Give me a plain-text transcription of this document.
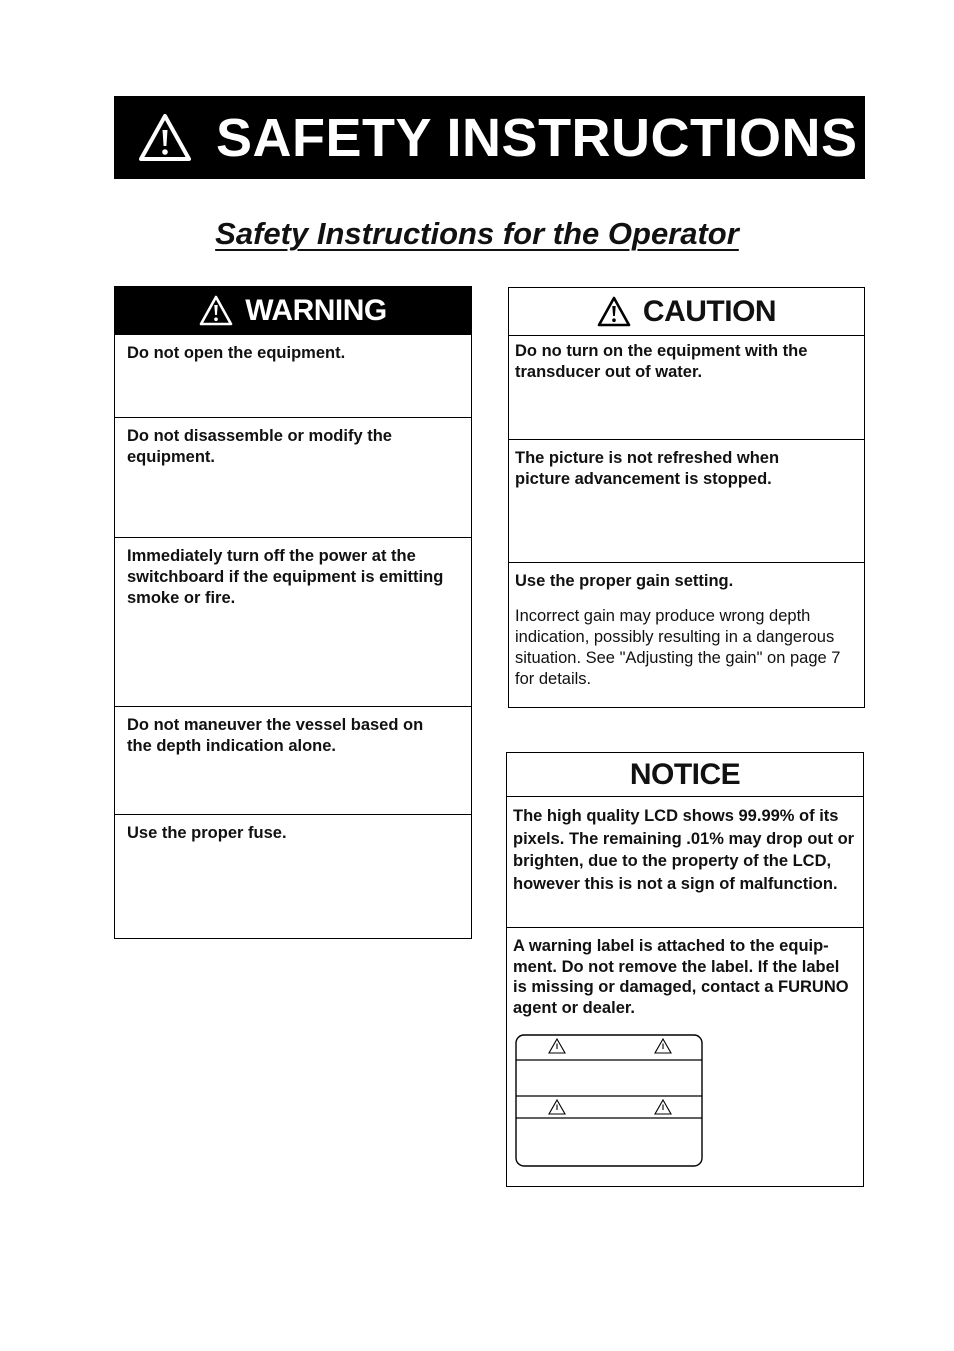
SAFETY INSTRUCTIONS
Safety Instructions for the Operator
WARNING
Do not open the equipment.
Do not disassemble or modify the equipment.
Immediately turn off the power at the switchboard if the equipment is emitting smoke or fire.
Do not maneuver the vessel based on the depth indication alone.
Use the proper fuse.
CAUTION
Do no turn on the equipment with the transducer out of water.
The picture is not refreshed when picture advancement is stopped.
Use the proper gain setting.
Incorrect gain may produce wrong depth indication, possibly resulting in a dangerous situation. See "Adjusting the gain" on page 7 for details.
NOTICE
The high quality LCD shows 99.99% of its pixels. The remaining .01% may drop out or brighten, due to the property of the LCD, however this is not a sign of malfunction.
A warning label is attached to the equip-ment. Do not remove the label. If the label is missing or damaged, contact a FURUNO agent or dealer.
